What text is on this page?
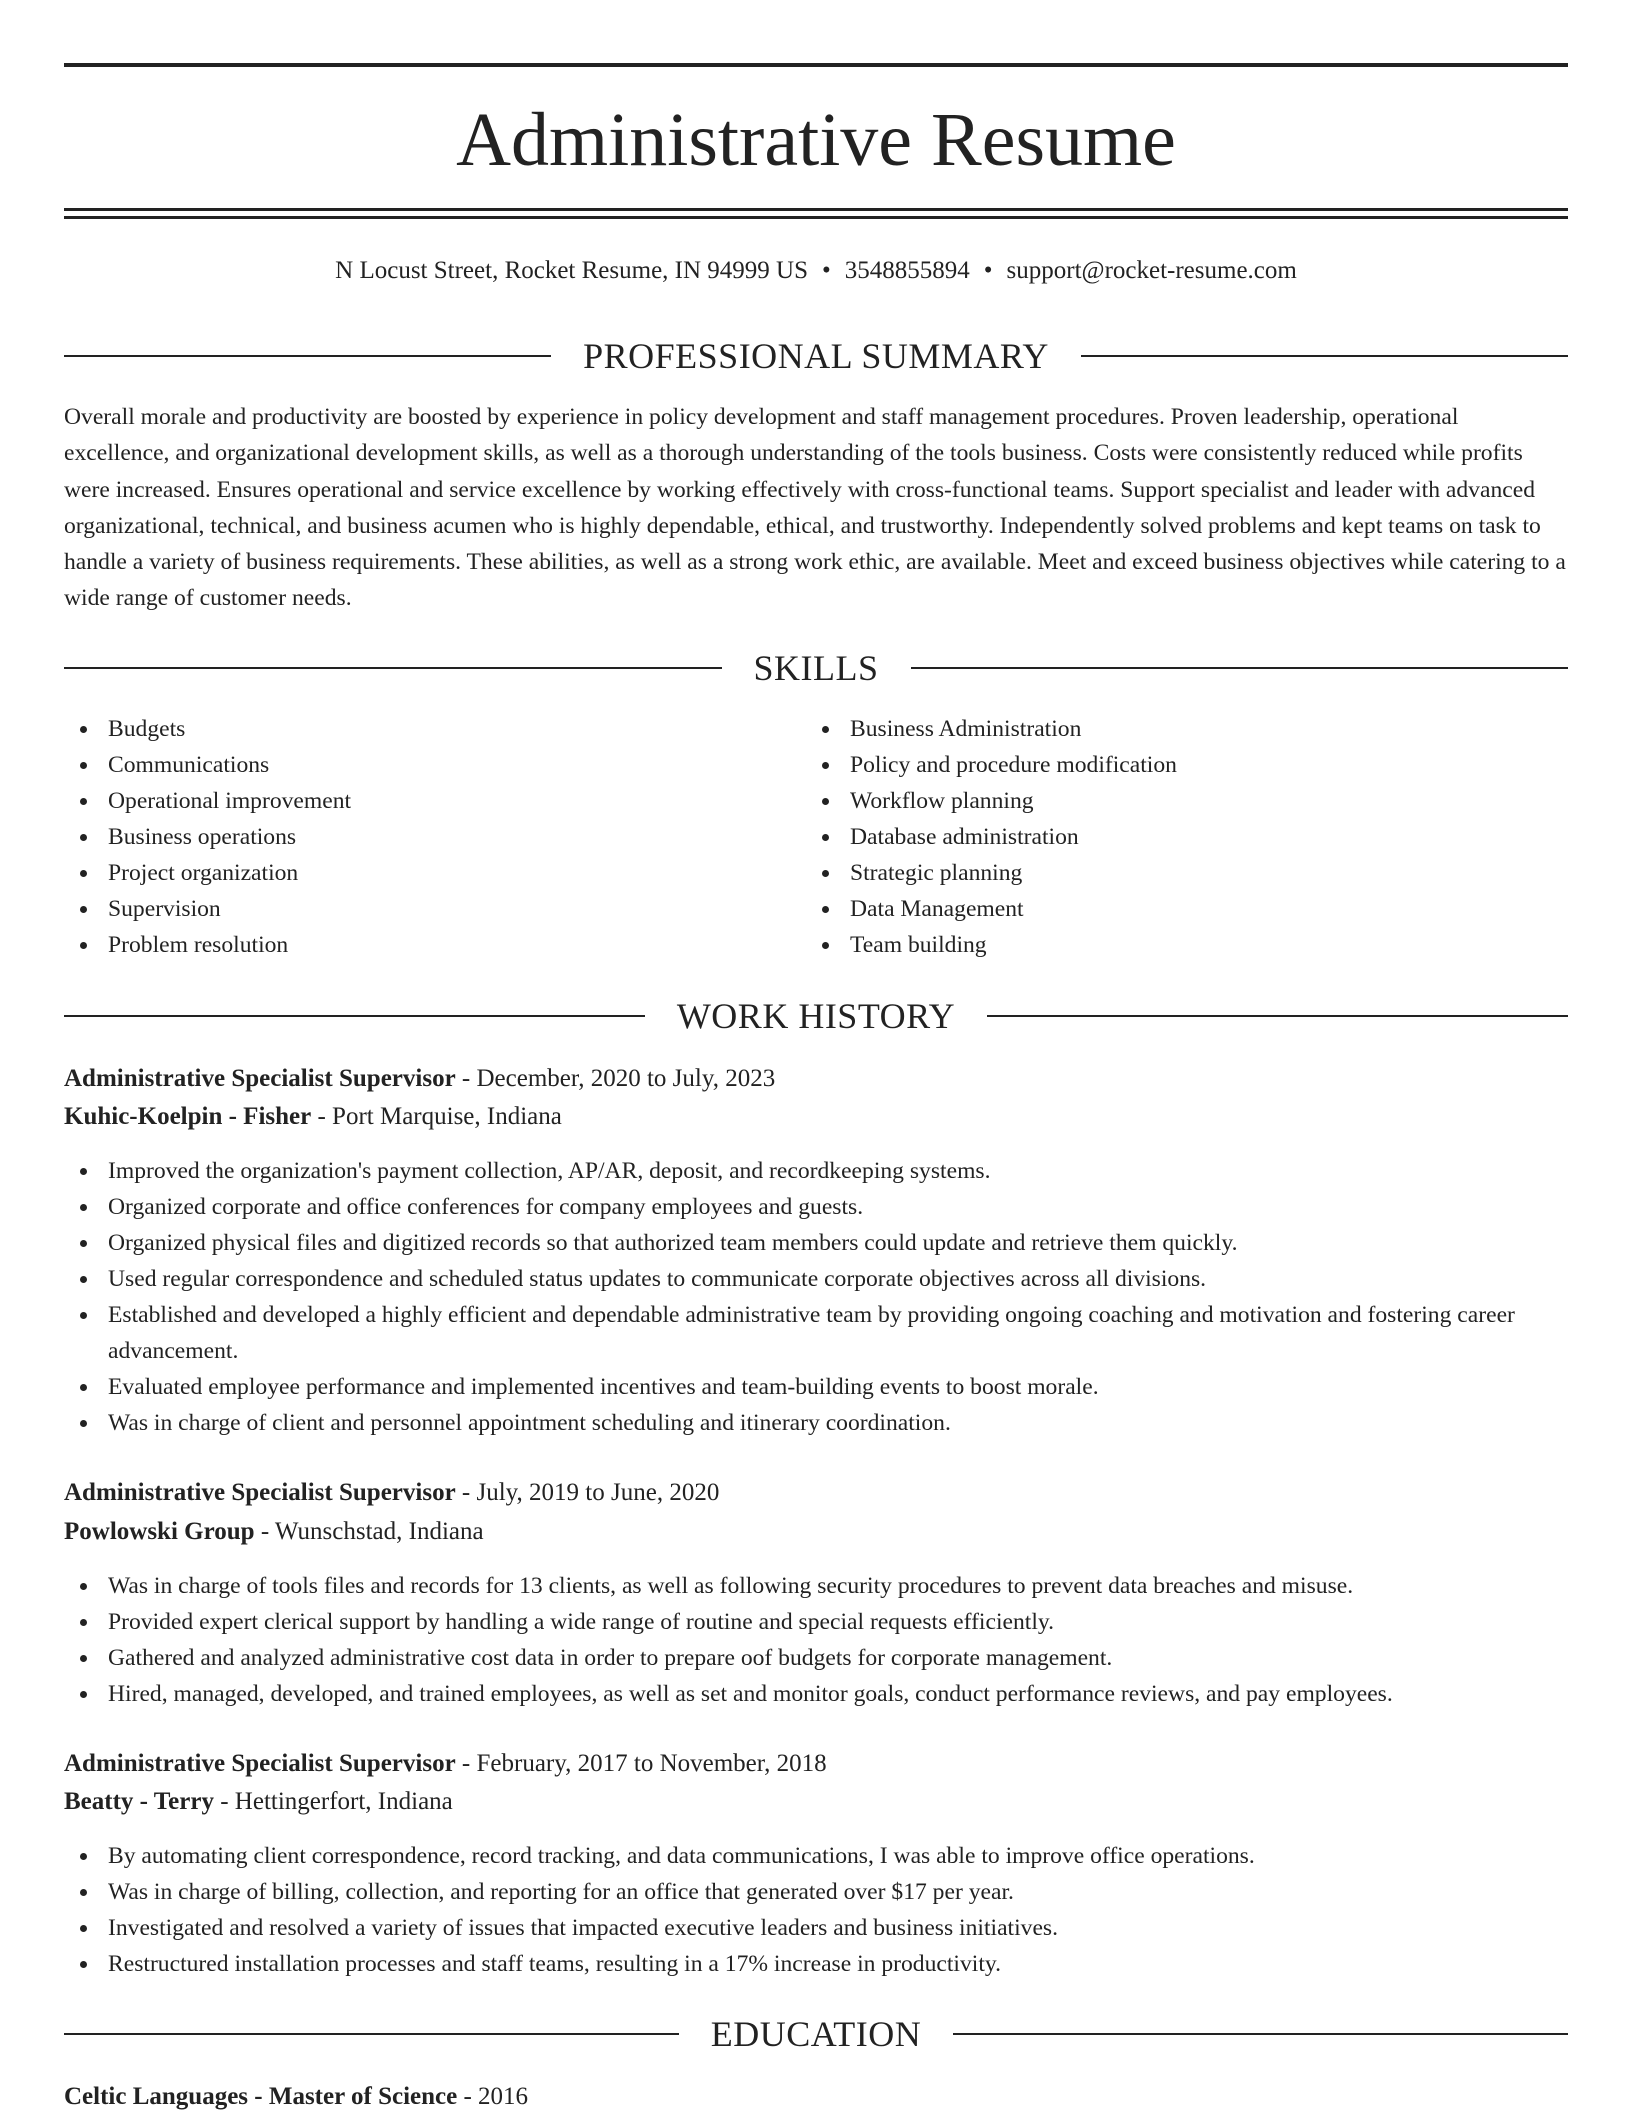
Administrative Resume
N Locust Street, Rocket Resume, IN 94999 US • 3548855894 • support@rocket-resume.com
PROFESSIONAL SUMMARY

Overall morale and productivity are boosted by experience in policy development and staff management procedures. Proven leadership, operational excellence, and organizational development skills, as well as a thorough understanding of the tools business. Costs were consistently reduced while profits were increased. Ensures operational and service excellence by working effectively with cross-functional teams. Support specialist and leader with advanced organizational, technical, and business acumen who is highly dependable, ethical, and trustworthy. Independently solved problems and kept teams on task to handle a variety of business requirements. These abilities, as well as a strong work ethic, are available. Meet and exceed business objectives while catering to a wide range of customer needs.

SKILLS
Budgets
Communications
Operational improvement
Business operations
Project organization
Supervision
Problem resolution
Business Administration
Policy and procedure modification
Workflow planning
Database administration
Strategic planning
Data Management
Team building
WORK HISTORY
Administrative Specialist Supervisor - December, 2020 to July, 2023
Kuhic-Koelpin - Fisher - Port Marquise, Indiana
Improved the organization's payment collection, AP/AR, deposit, and recordkeeping systems.
Organized corporate and office conferences for company employees and guests.
Organized physical files and digitized records so that authorized team members could update and retrieve them quickly.
Used regular correspondence and scheduled status updates to communicate corporate objectives across all divisions.
Established and developed a highly efficient and dependable administrative team by providing ongoing coaching and motivation and fostering career advancement.
Evaluated employee performance and implemented incentives and team-building events to boost morale.
Was in charge of client and personnel appointment scheduling and itinerary coordination.
Administrative Specialist Supervisor - July, 2019 to June, 2020
Powlowski Group - Wunschstad, Indiana
Was in charge of tools files and records for 13 clients, as well as following security procedures to prevent data breaches and misuse.
Provided expert clerical support by handling a wide range of routine and special requests efficiently.
Gathered and analyzed administrative cost data in order to prepare oof budgets for corporate management.
Hired, managed, developed, and trained employees, as well as set and monitor goals, conduct performance reviews, and pay employees.
Administrative Specialist Supervisor - February, 2017 to November, 2018
Beatty - Terry - Hettingerfort, Indiana
By automating client correspondence, record tracking, and data communications, I was able to improve office operations.
Was in charge of billing, collection, and reporting for an office that generated over $17 per year.
Investigated and resolved a variety of issues that impacted executive leaders and business initiatives.
Restructured installation processes and staff teams, resulting in a 17% increase in productivity.
EDUCATION
Celtic Languages - Master of Science - 2016
